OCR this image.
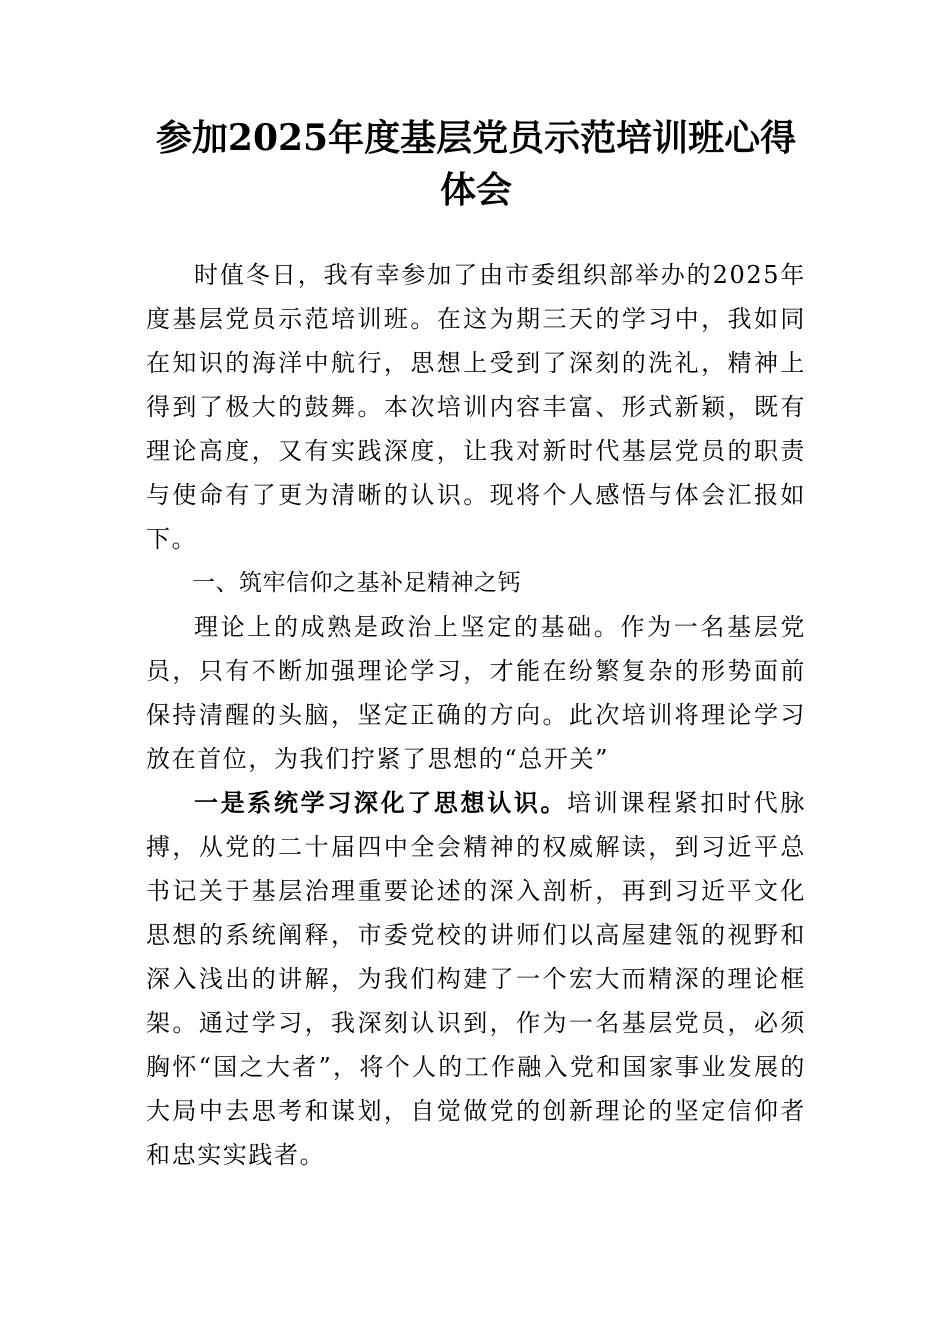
参加2025年度基层党员示范培训班心得体会

时值冬日，我有幸参加了由市委组织部举办的2025年度基层党员示范培训班。在这为期三天的学习中，我如同在知识的海洋中航行，思想上受到了深刻的洗礼，精神上得到了极大的鼓舞。本次培训内容丰富、形式新颖，既有理论高度，又有实践深度，让我对新时代基层党员的职责与使命有了更为清晰的认识。现将个人感悟与体会汇报如下。

一、筑牢信仰之基补足精神之钙

理论上的成熟是政治上坚定的基础。作为一名基层党员，只有不断加强理论学习，才能在纷繁复杂的形势面前保持清醒的头脑，坚定正确的方向。此次培训将理论学习放在首位，为我们拧紧了思想的“总开关”

一是系统学习深化了思想认识。培训课程紧扣时代脉搏，从党的二十届四中全会精神的权威解读，到习近平总书记关于基层治理重要论述的深入剖析，再到习近平文化思想的系统阐释，市委党校的讲师们以高屋建瓴的视野和深入浅出的讲解，为我们构建了一个宏大而精深的理论框架。通过学习，我深刻认识到，作为一名基层党员，必须胸怀“国之大者”，将个人的工作融入党和国家事业发展的大局中去思考和谋划，自觉做党的创新理论的坚定信仰者和忠实实践者。
